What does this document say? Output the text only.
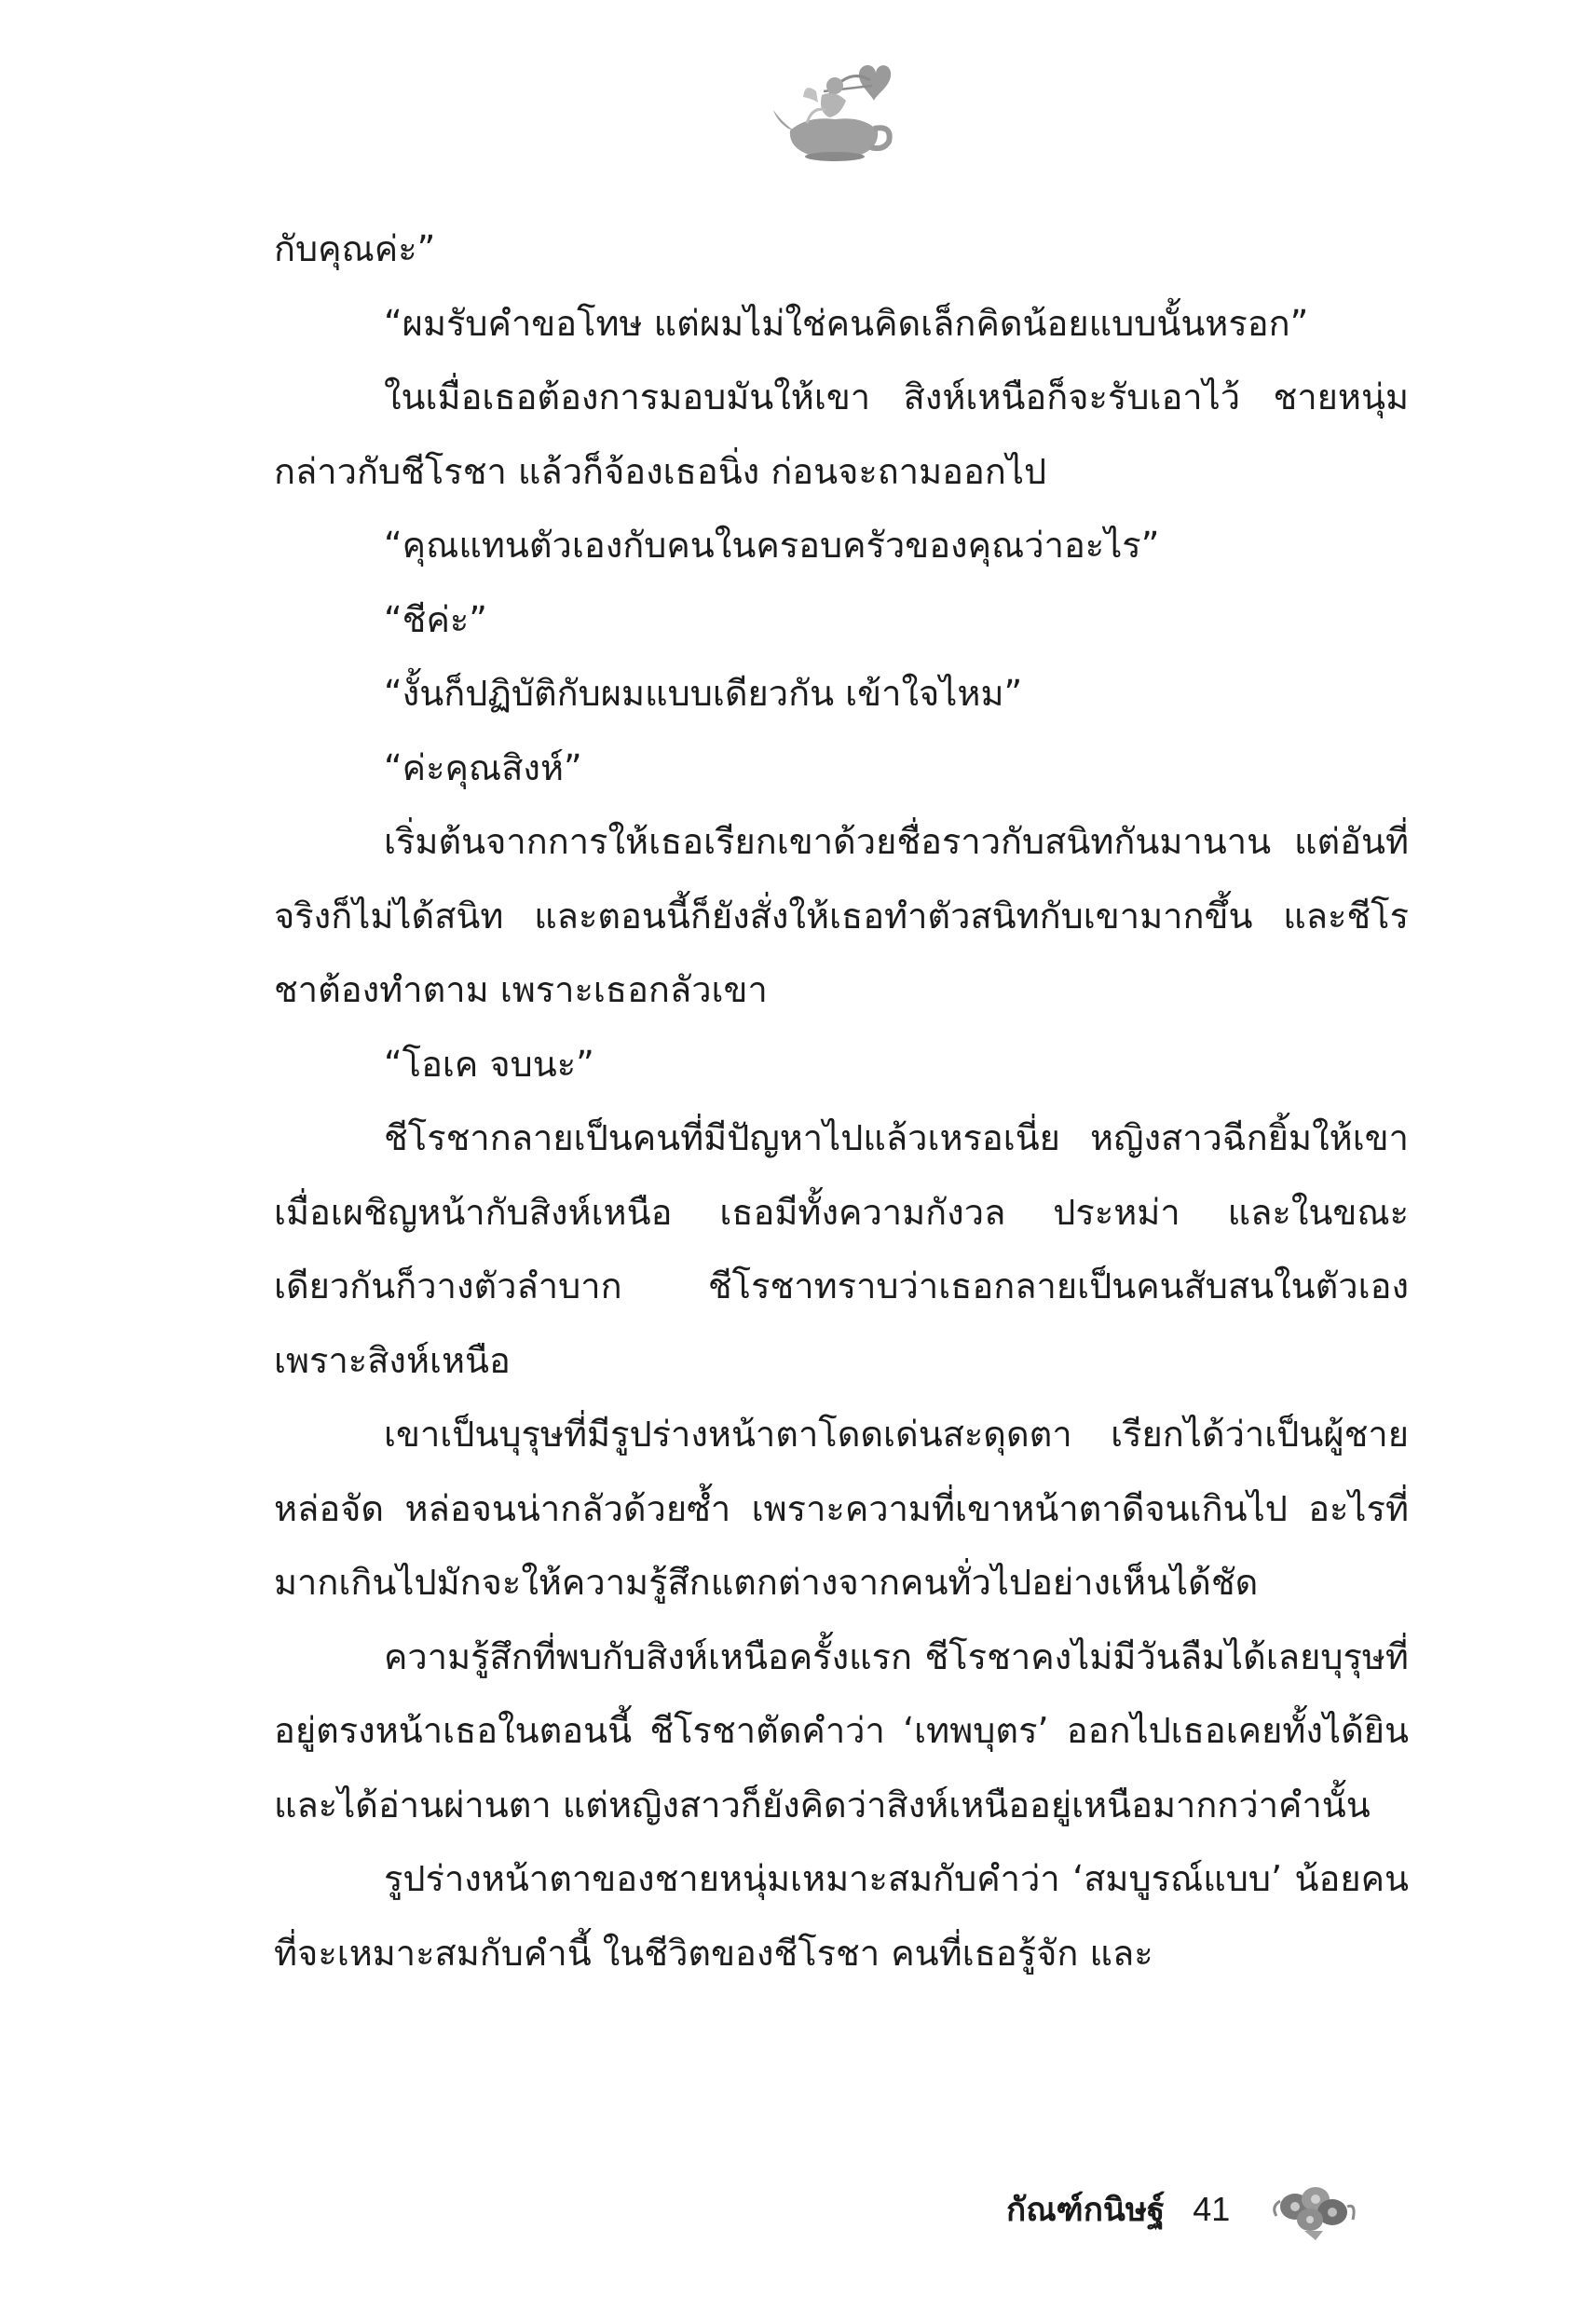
กับคุณค่ะ”

“ผมรับคำขอโทษ แต่ผมไม่ใช่คนคิดเล็กคิดน้อยแบบนั้นหรอก”

ในเมื่อเธอต้องการมอบมันให้เขา สิงห์เหนือก็จะรับเอาไว้ ชายหนุ่มกล่าวกับชีโรชา แล้วก็จ้องเธอนิ่ง ก่อนจะถามออกไป

“คุณแทนตัวเองกับคนในครอบครัวของคุณว่าอะไร”

“ชีค่ะ”

“งั้นก็ปฏิบัติกับผมแบบเดียวกัน เข้าใจไหม”

“ค่ะคุณสิงห์”

เริ่มต้นจากการให้เธอเรียกเขาด้วยชื่อราวกับสนิทกันมานาน แต่อันที่จริงก็ไม่ได้สนิท และตอนนี้ก็ยังสั่งให้เธอทำตัวสนิทกับเขามากขึ้น และชีโรชาต้องทำตาม เพราะเธอกลัวเขา

“โอเค จบนะ”

ชีโรชากลายเป็นคนที่มีปัญหาไปแล้วเหรอเนี่ย หญิงสาวฉีกยิ้มให้เขา เมื่อเผชิญหน้ากับสิงห์เหนือ เธอมีทั้งความกังวล ประหม่า และในขณะเดียวกันก็วางตัวลำบาก ชีโรชาทราบว่าเธอกลายเป็นคนสับสนในตัวเองเพราะสิงห์เหนือ

เขาเป็นบุรุษที่มีรูปร่างหน้าตาโดดเด่นสะดุดตา เรียกได้ว่าเป็นผู้ชายหล่อจัด หล่อจนน่ากลัวด้วยซ้ำ เพราะความที่เขาหน้าตาดีจนเกินไป อะไรที่มากเกินไปมักจะให้ความรู้สึกแตกต่างจากคนทั่วไปอย่างเห็นได้ชัด

ความรู้สึกที่พบกับสิงห์เหนือครั้งแรก ชีโรชาคงไม่มีวันลืมได้เลยบุรุษที่อยู่ตรงหน้าเธอในตอนนี้ ชีโรชาตัดคำว่า ‘เทพบุตร’ ออกไปเธอเคยทั้งได้ยินและได้อ่านผ่านตา แต่หญิงสาวก็ยังคิดว่าสิงห์เหนืออยู่เหนือมากกว่าคำนั้น

รูปร่างหน้าตาของชายหนุ่มเหมาะสมกับคำว่า ‘สมบูรณ์แบบ’ น้อยคนที่จะเหมาะสมกับคำนี้ ในชีวิตของชีโรชา คนที่เธอรู้จัก และ

กัณฑ์กนิษฐ์ 41
